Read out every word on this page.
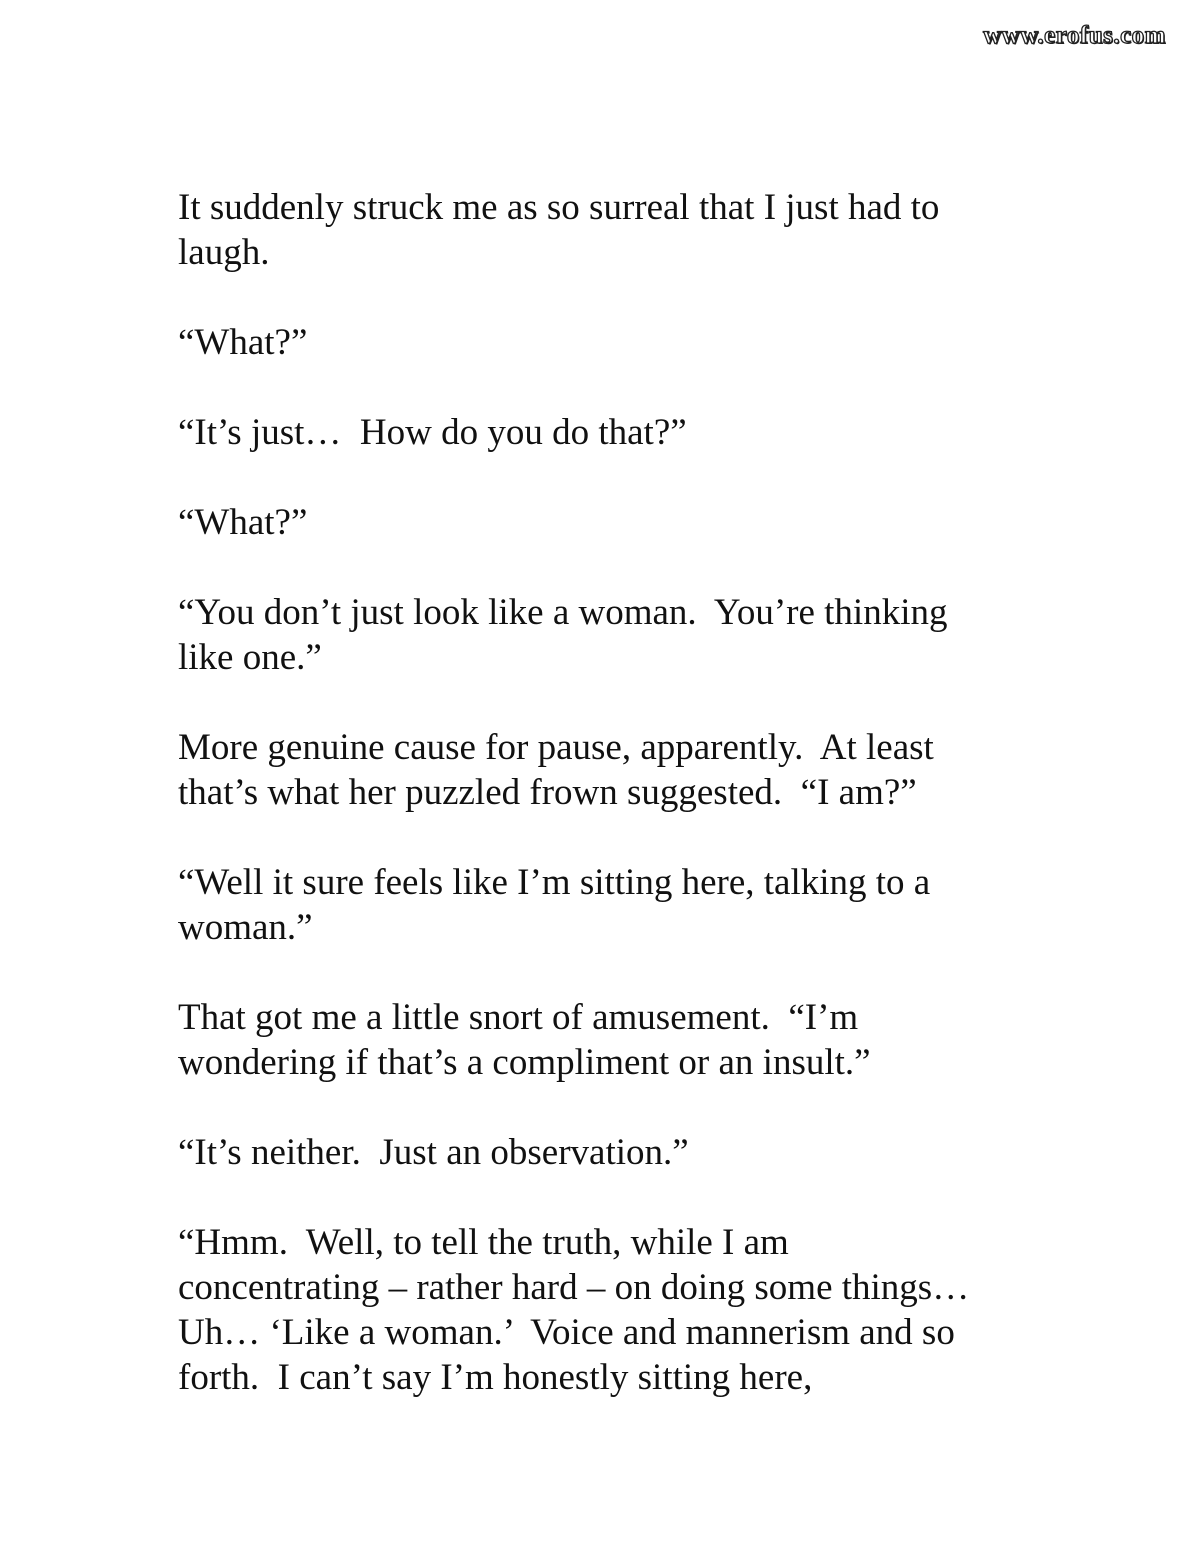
www.erofus.com

It suddenly struck me as so surreal that I just had to
laugh.

“What?”

“It’s just…  How do you do that?”

“What?”

“You don’t just look like a woman.  You’re thinking
like one.”

More genuine cause for pause, apparently.  At least
that’s what her puzzled frown suggested.  “I am?”

“Well it sure feels like I’m sitting here, talking to a
woman.”

That got me a little snort of amusement.  “I’m
wondering if that’s a compliment or an insult.”

“It’s neither.  Just an observation.”

“Hmm.  Well, to tell the truth, while I am
concentrating – rather hard – on doing some things…
Uh… ‘Like a woman.’  Voice and mannerism and so
forth.  I can’t say I’m honestly sitting here,
